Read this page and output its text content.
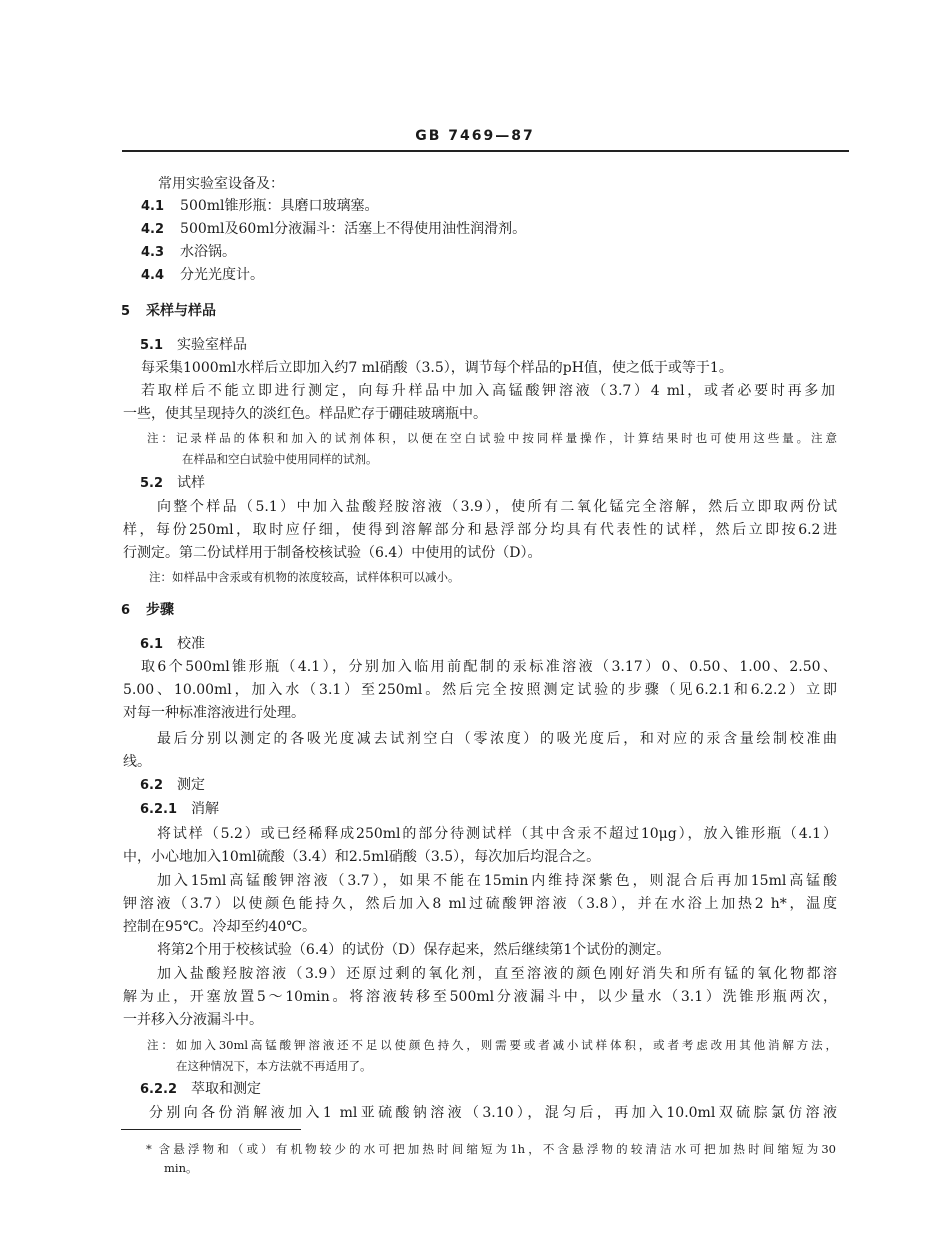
GB 7469—87
常用实验室设备及：
4.1 500ml锥形瓶：具磨口玻璃塞。
4.2 500ml及60ml分液漏斗：活塞上不得使用油性润滑剂。
4.3 水浴锅。
4.4 分光光度计。
5 采样与样品
5.1 实验室样品
每采集1000ml水样后立即加入约7 ml硝酸（3.5），调节每个样品的pH值，使之低于或等于1。
若取样后不能立即进行测定，向每升样品中加入高锰酸钾溶液（3.7）4 ml，或者必要时再多加
一些，使其呈现持久的淡红色。样品贮存于硼硅玻璃瓶中。
注：记录样品的体积和加入的试剂体积，以便在空白试验中按同样量操作，计算结果时也可使用这些量。注意
在样品和空白试验中使用同样的试剂。
5.2 试样
向整个样品（5.1）中加入盐酸羟胺溶液（3.9），使所有二氧化锰完全溶解，然后立即取两份试
样，每份250ml，取时应仔细，使得到溶解部分和悬浮部分均具有代表性的试样，然后立即按6.2进
行测定。第二份试样用于制备校核试验（6.4）中使用的试份（D）。
注：如样品中含汞或有机物的浓度较高，试样体积可以减小。
6 步骤
6.1 校准
取6个500ml锥形瓶（4.1），分别加入临用前配制的汞标准溶液（3.17）0、0.50、1.00、2.50、
5.00、10.00ml，加入水（3.1）至250ml。然后完全按照测定试验的步骤（见6.2.1和6.2.2）立即
对每一种标准溶液进行处理。
最后分别以测定的各吸光度减去试剂空白（零浓度）的吸光度后，和对应的汞含量绘制校准曲
线。
6.2 测定
6.2.1 消解
将试样（5.2）或已经稀释成250ml的部分待测试样（其中含汞不超过10μg），放入锥形瓶（4.1）
中，小心地加入10ml硫酸（3.4）和2.5ml硝酸（3.5），每次加后均混合之。
加入15ml高锰酸钾溶液（3.7），如果不能在15min内维持深紫色，则混合后再加15ml高锰酸
钾溶液（3.7）以使颜色能持久，然后加入8 ml过硫酸钾溶液（3.8），并在水浴上加热2 h*，温度
控制在95℃。冷却至约40℃。
将第2个用于校核试验（6.4）的试份（D）保存起来，然后继续第1个试份的测定。
加入盐酸羟胺溶液（3.9）还原过剩的氧化剂，直至溶液的颜色刚好消失和所有锰的氧化物都溶
解为止，开塞放置5～10min。将溶液转移至500ml分液漏斗中，以少量水（3.1）洗锥形瓶两次，
一并移入分液漏斗中。
注：如加入30ml高锰酸钾溶液还不足以使颜色持久，则需要或者减小试样体积，或者考虑改用其他消解方法，
在这种情况下，本方法就不再适用了。
6.2.2 萃取和测定
分别向各份消解液加入1 ml亚硫酸钠溶液（3.10），混匀后，再加入10.0ml双硫腙氯仿溶液
* 含悬浮物和（或）有机物较少的水可把加热时间缩短为1h，不含悬浮物的较清洁水可把加热时间缩短为30
min。
